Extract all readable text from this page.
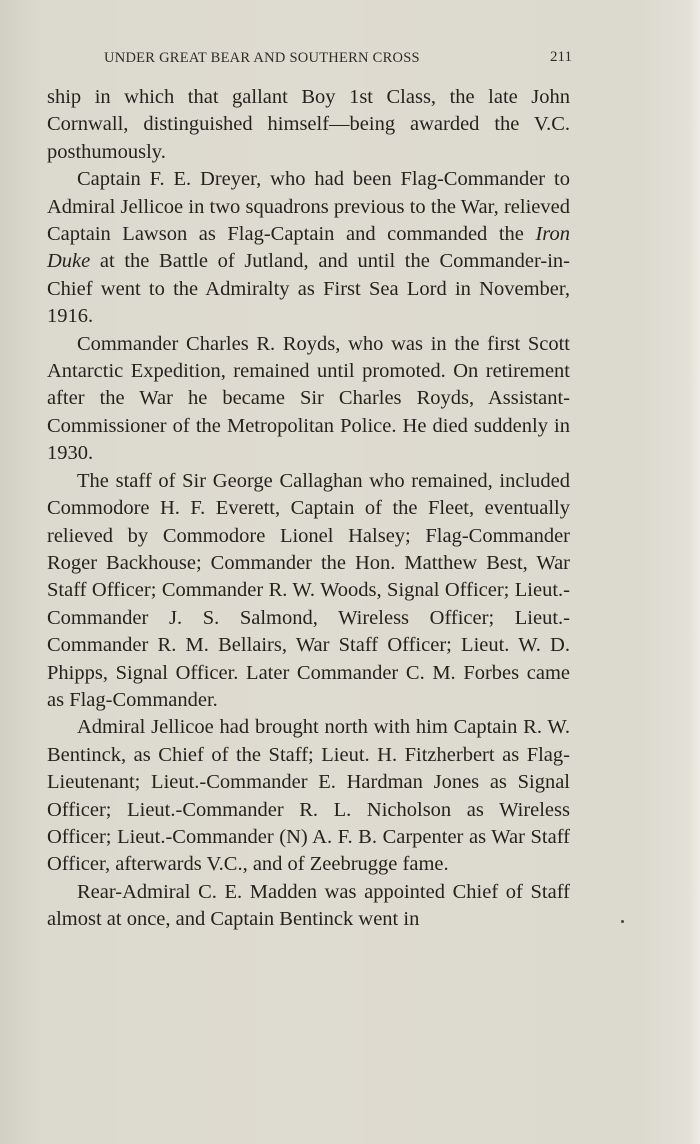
UNDER GREAT BEAR AND SOUTHERN CROSS	211

ship in which that gallant Boy 1st Class, the late John Cornwall, distinguished himself—being awarded the V.C. posthumously.

Captain F. E. Dreyer, who had been Flag-Commander to Admiral Jellicoe in two squadrons previous to the War, relieved Captain Lawson as Flag-Captain and commanded the Iron Duke at the Battle of Jutland, and until the Commander-in-Chief went to the Admiralty as First Sea Lord in November, 1916.

Commander Charles R. Royds, who was in the first Scott Antarctic Expedition, remained until promoted. On retirement after the War he became Sir Charles Royds, Assistant-Commissioner of the Metropolitan Police. He died suddenly in 1930.

The staff of Sir George Callaghan who remained, included Commodore H. F. Everett, Captain of the Fleet, eventually relieved by Commodore Lionel Halsey; Flag-Commander Roger Backhouse; Commander the Hon. Matthew Best, War Staff Officer; Commander R. W. Woods, Signal Officer; Lieut.-Commander J. S. Salmond, Wireless Officer; Lieut.-Commander R. M. Bellairs, War Staff Officer; Lieut. W. D. Phipps, Signal Officer. Later Commander C. M. Forbes came as Flag-Commander.

Admiral Jellicoe had brought north with him Captain R. W. Bentinck, as Chief of the Staff; Lieut. H. Fitzherbert as Flag-Lieutenant; Lieut.-Commander E. Hardman Jones as Signal Officer; Lieut.-Commander R. L. Nicholson as Wireless Officer; Lieut.-Commander (N) A. F. B. Carpenter as War Staff Officer, afterwards V.C., and of Zeebrugge fame.

Rear-Admiral C. E. Madden was appointed Chief of Staff almost at once, and Captain Bentinck went in
